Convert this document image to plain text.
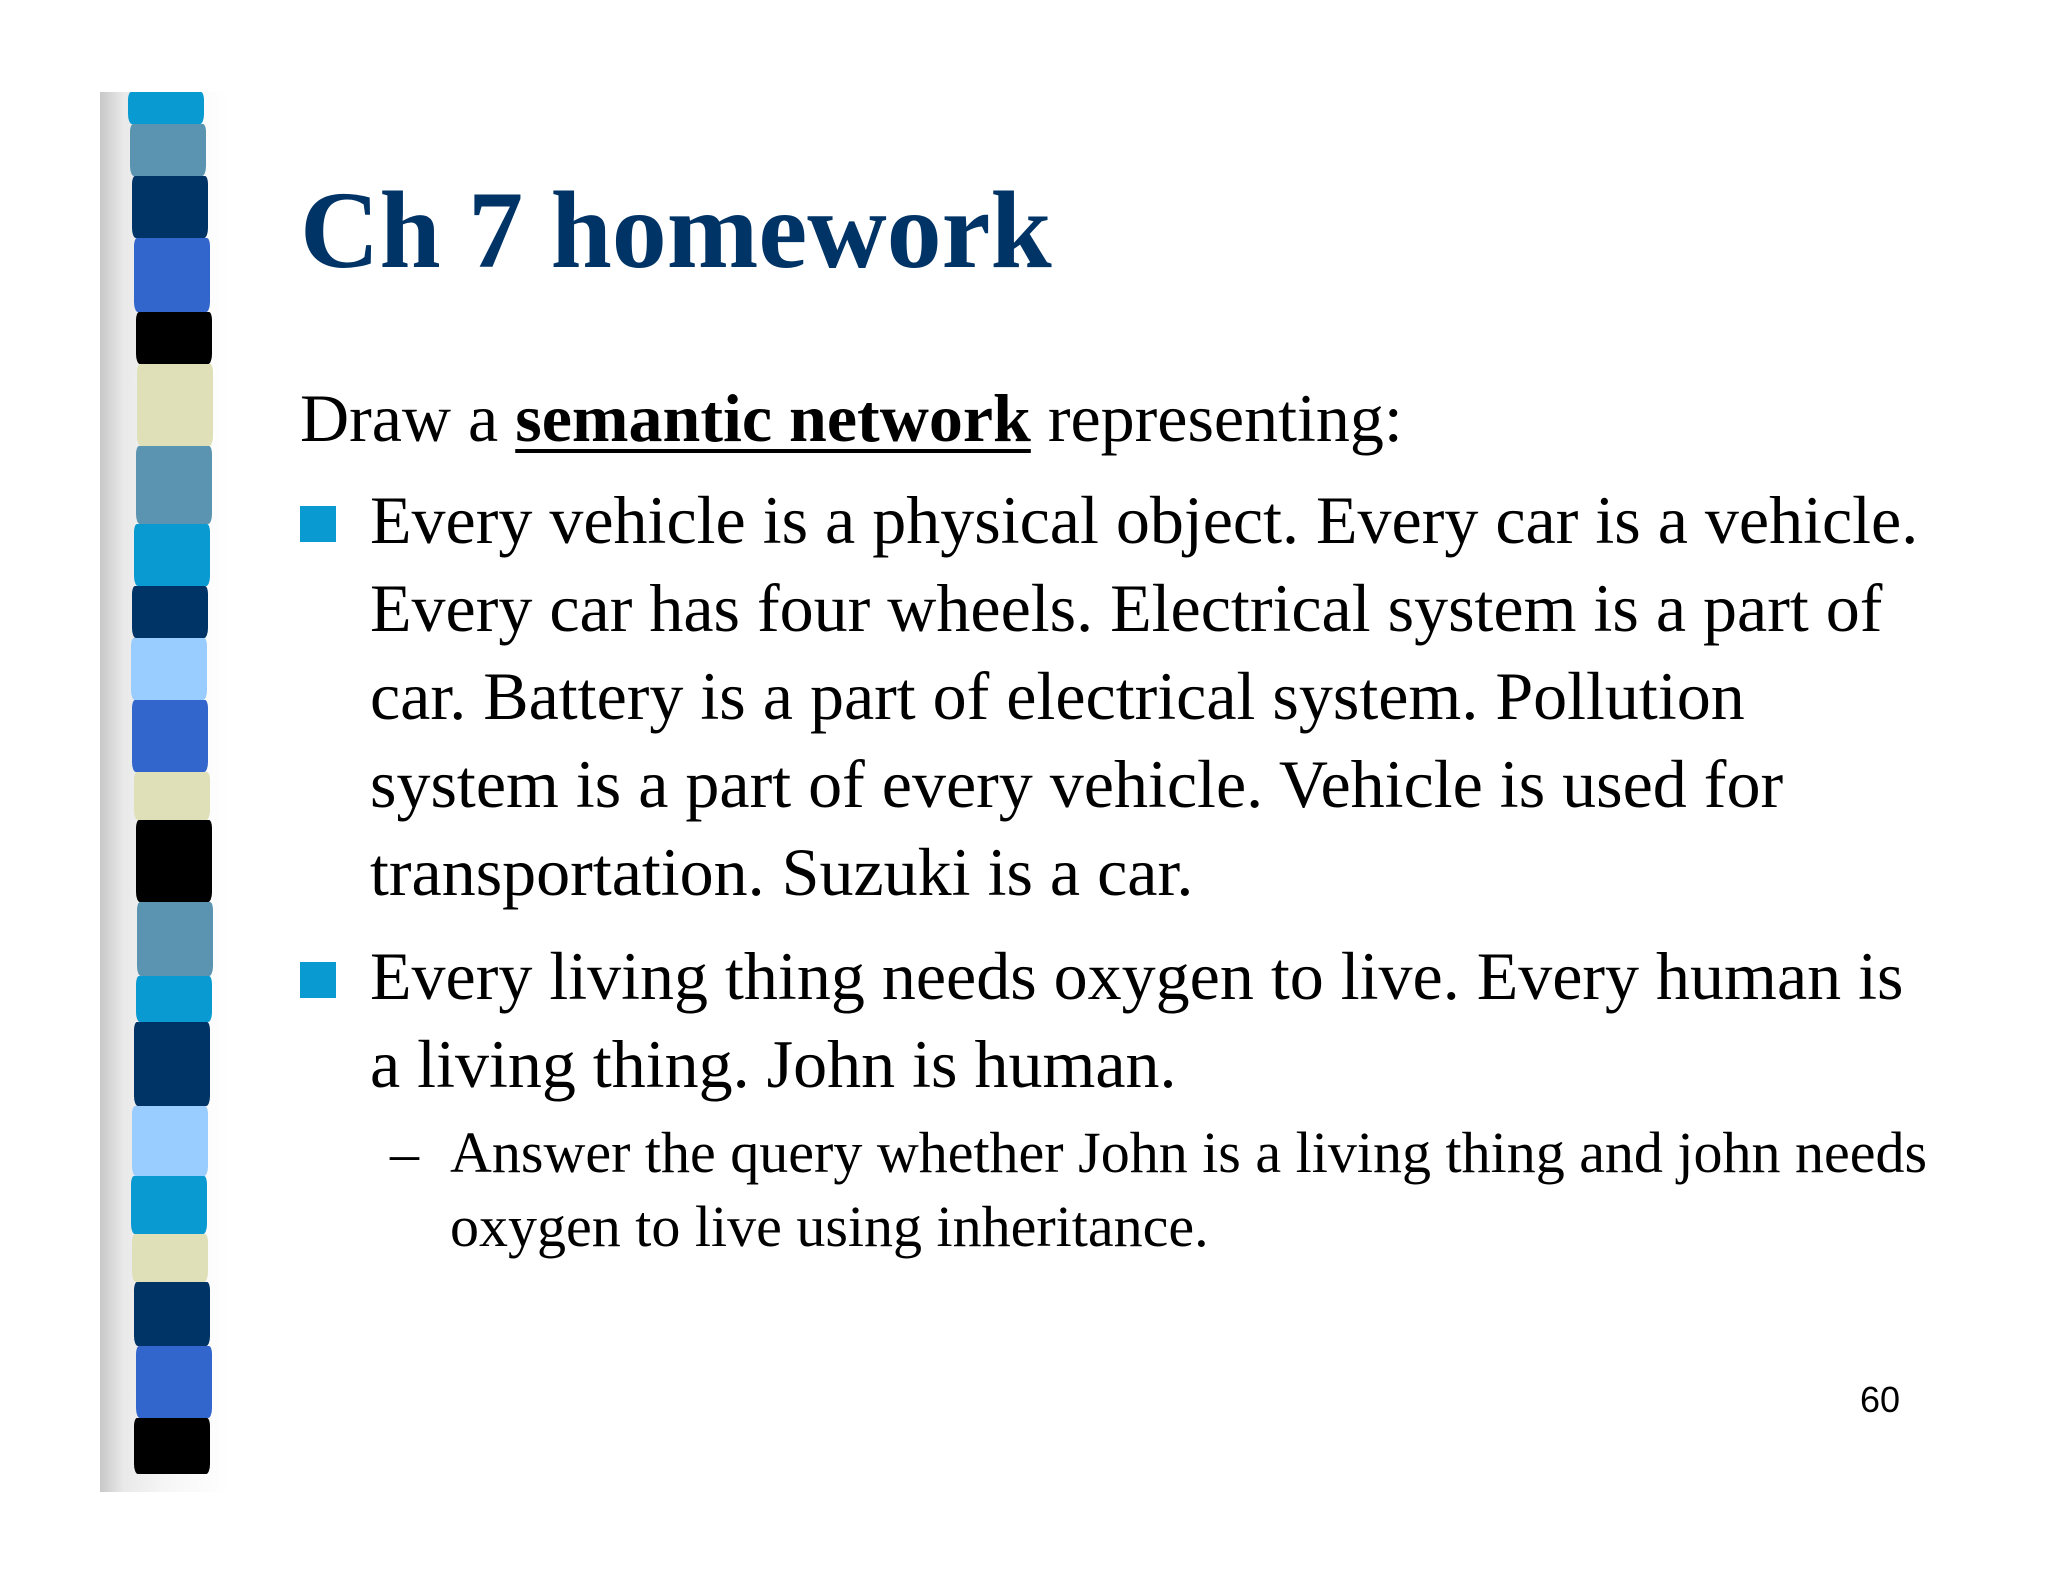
Ch 7 homework

Draw a semantic network representing:

Every vehicle is a physical object. Every car is a vehicle. Every car has four wheels. Electrical system is a part of car. Battery is a part of electrical system. Pollution system is a part of every vehicle. Vehicle is used for transportation. Suzuki is a car.
Every living thing needs oxygen to live. Every human is a living thing. John is human.
– Answer the query whether John is a living thing and john needs oxygen to live using inheritance.
60
